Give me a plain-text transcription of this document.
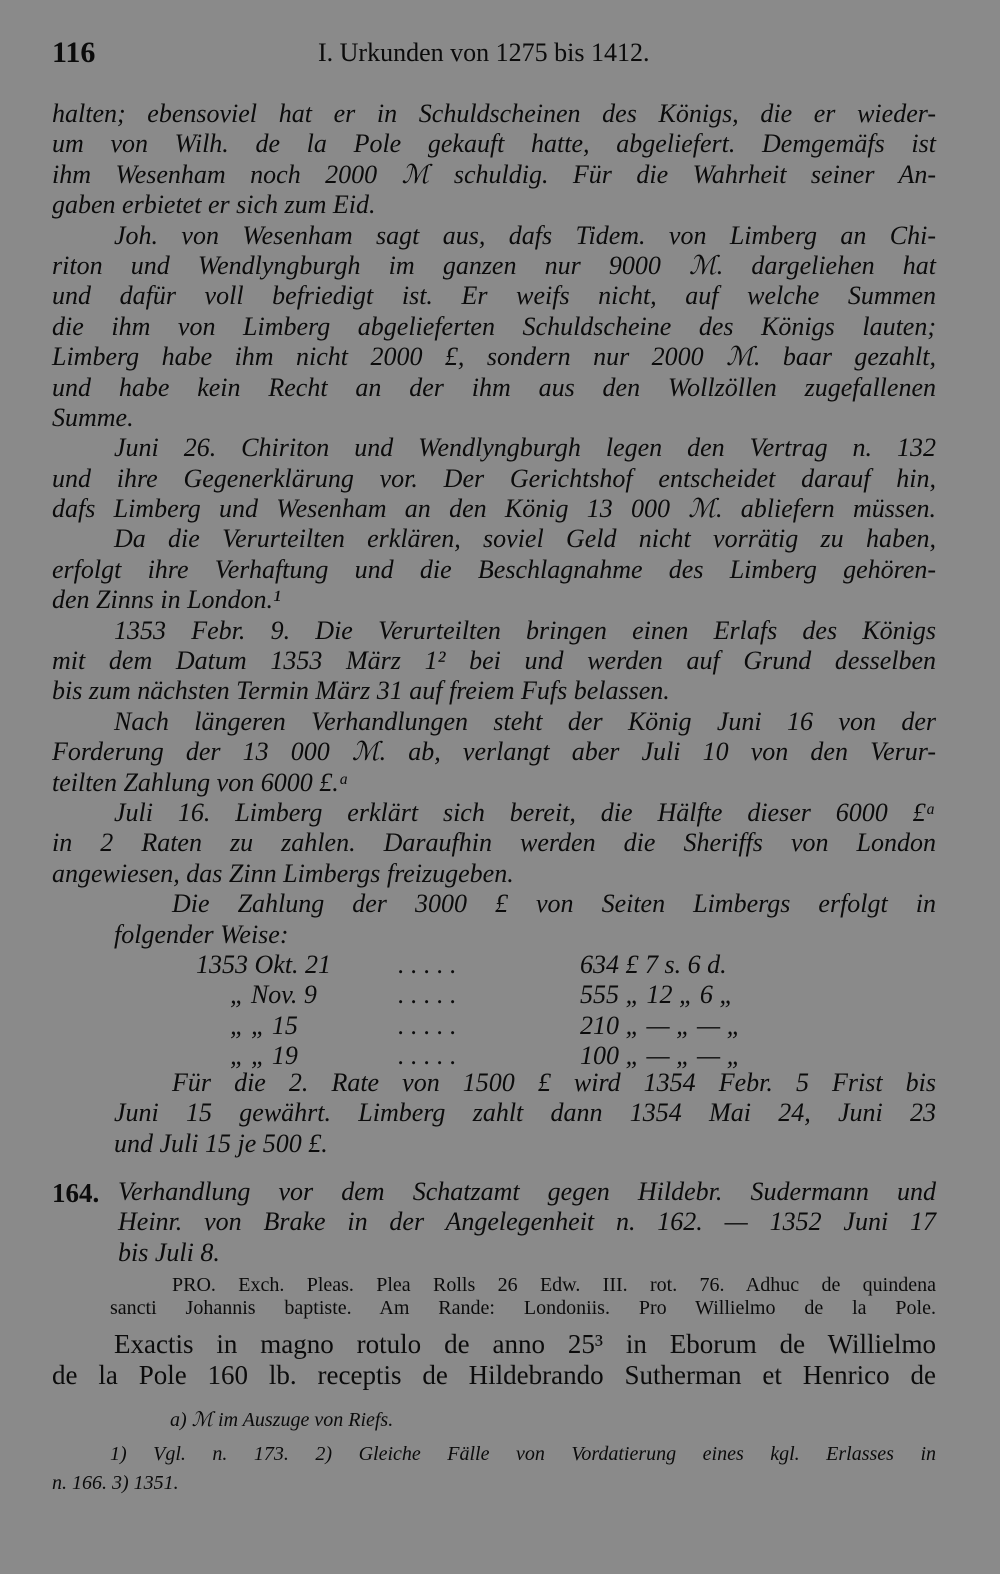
116	I. Urkunden von 1275 bis 1412.
halten; ebensoviel hat er in Schuldscheinen des Königs, die er wieder-
um von Wilh. de la Pole gekauft hatte, abgeliefert. Demgemäfs ist
ihm Wesenham noch 2000 ℳ schuldig. Für die Wahrheit seiner An-
gaben erbietet er sich zum Eid.
Joh. von Wesenham sagt aus, dafs Tidem. von Limberg an Chi-
riton und Wendlyngburgh im ganzen nur 9000 ℳ. dargeliehen hat
und dafür voll befriedigt ist. Er weifs nicht, auf welche Summen
die ihm von Limberg abgelieferten Schuldscheine des Königs lauten;
Limberg habe ihm nicht 2000 £, sondern nur 2000 ℳ. baar gezahlt,
und habe kein Recht an der ihm aus den Wollzöllen zugefallenen
Summe.
Juni 26. Chiriton und Wendlyngburgh legen den Vertrag n. 132
und ihre Gegenerklärung vor. Der Gerichtshof entscheidet darauf hin,
dafs Limberg und Wesenham an den König 13 000 ℳ. abliefern müssen.
Da die Verurteilten erklären, soviel Geld nicht vorrätig zu haben,
erfolgt ihre Verhaftung und die Beschlagnahme des Limberg gehören-
den Zinns in London.¹
1353 Febr. 9. Die Verurteilten bringen einen Erlafs des Königs
mit dem Datum 1353 März 1² bei und werden auf Grund desselben
bis zum nächsten Termin März 31 auf freiem Fufs belassen.
Nach längeren Verhandlungen steht der König Juni 16 von der
Forderung der 13 000 ℳ. ab, verlangt aber Juli 10 von den Verur-
teilten Zahlung von 6000 £.ᵃ
Juli 16. Limberg erklärt sich bereit, die Hälfte dieser 6000 £ᵃ
in 2 Raten zu zahlen. Daraufhin werden die Sheriffs von London
angewiesen, das Zinn Limbergs freizugeben.
Die Zahlung der 3000 £ von Seiten Limbergs erfolgt in
folgender Weise:
1353 Okt. 21	. . . . .	634 £ 7 s. 6 d.
„ Nov. 9	. . . . .	555 „ 12 „ 6 „
„ „ 15	. . . . .	210 „ — „ — „
„ „ 19	. . . . .	100 „ — „ — „
Für die 2. Rate von 1500 £ wird 1354 Febr. 5 Frist bis
Juni 15 gewährt. Limberg zahlt dann 1354 Mai 24, Juni 23
und Juli 15 je 500 £.
164. Verhandlung vor dem Schatzamt gegen Hildebr. Sudermann und
Heinr. von Brake in der Angelegenheit n. 162. — 1352 Juni 17
bis Juli 8.
PRO. Exch. Pleas. Plea Rolls 26 Edw. III. rot. 76. Adhuc de quindena
sancti Johannis baptiste. Am Rande: Londoniis. Pro Willielmo de la Pole.
Exactis in magno rotulo de anno 25³ in Eborum de Willielmo
de la Pole 160 lb. receptis de Hildebrando Sutherman et Henrico de
a) ℳ im Auszuge von Riefs.
1) Vgl. n. 173. 2) Gleiche Fälle von Vordatierung eines kgl. Erlasses in
n. 166. 3) 1351.
